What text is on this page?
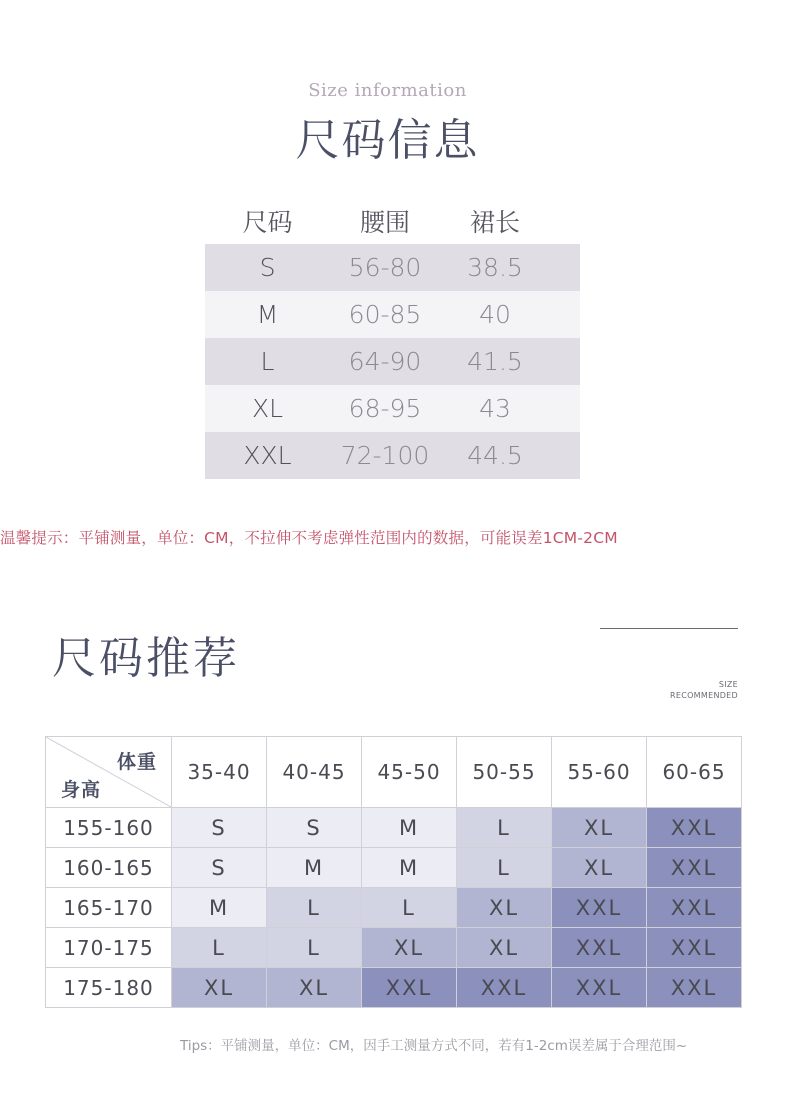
Size information
尺码信息
尺码	腰围	裙长
S	56-80	38.5
M	60-85	40
L	64-90	41.5
XL	68-95	43
XXL	72-100	44.5
温馨提示：平铺测量，单位：CM，不拉伸不考虑弹性范围内的数据，可能误差1CM-2CM
尺码推荐
SIZE
RECOMMENDED
体重
身高	35-40	40-45	45-50	50-55	55-60	60-65
155-160	S	S	M	L	XL	XXL
160-165	S	M	M	L	XL	XXL
165-170	M	L	L	XL	XXL	XXL
170-175	L	L	XL	XL	XXL	XXL
175-180	XL	XL	XXL	XXL	XXL	XXL
Tips：平铺测量，单位：CM，因手工测量方式不同，若有1-2cm误差属于合理范围~
